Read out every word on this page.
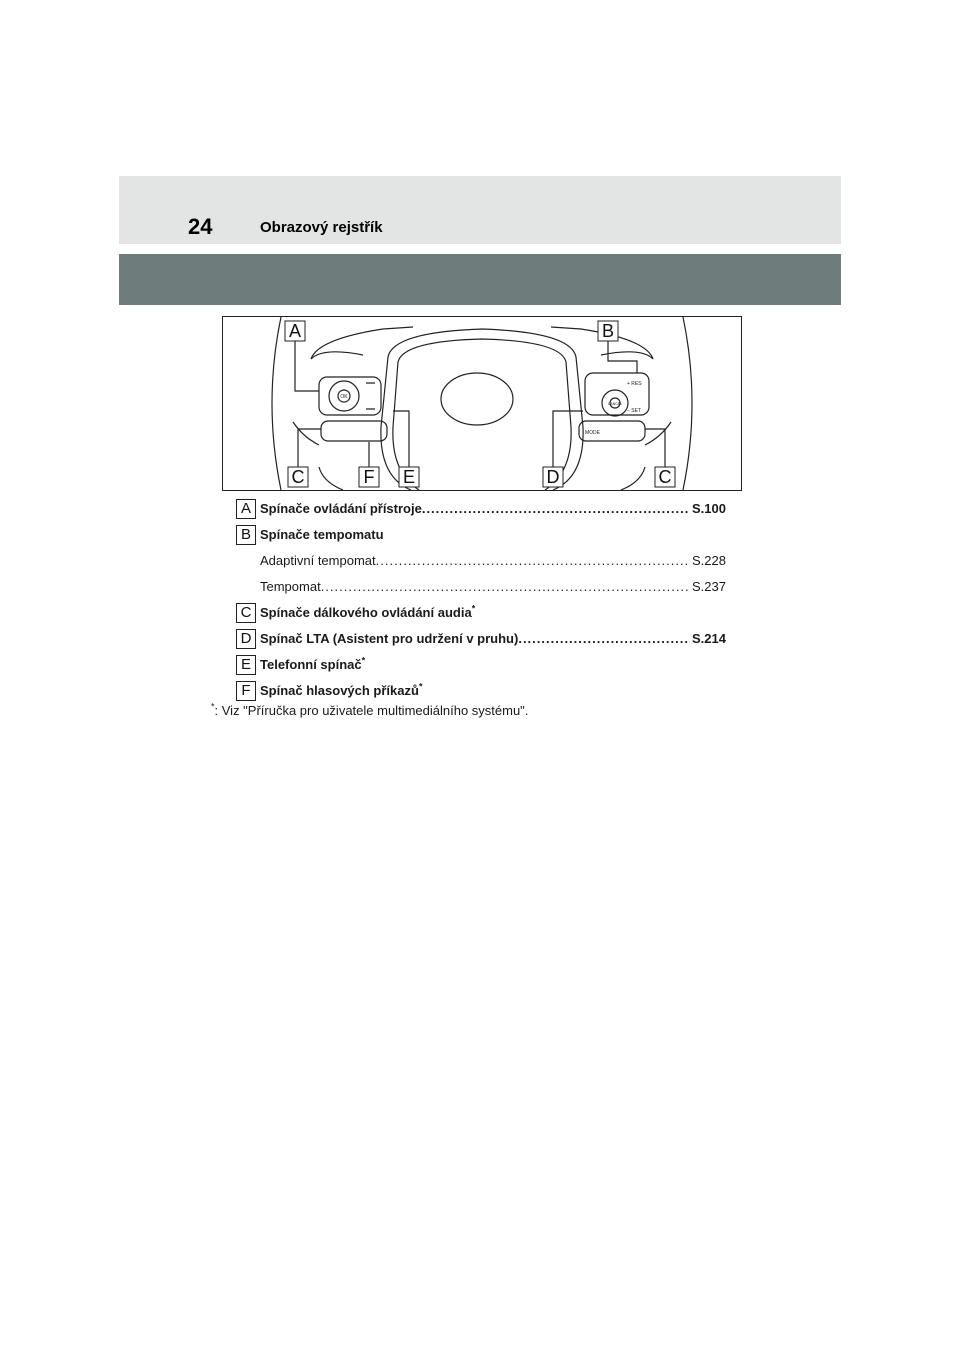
24	Obrazový rejstřík
A	B
C	F E	D	C
OK
+ RES
− SET
MODE
CANCEL
A Spínače ovládání přístroje .....	S.100
B Spínače tempomatu
Adaptivní tempomat .....	S.228
Tempomat .....	S.237
C Spínače dálkového ovládání audia*
D Spínač LTA (Asistent pro udržení v pruhu) .....	S.214
E Telefonní spínač*
F Spínač hlasových příkazů*
*: Viz "Příručka pro uživatele multimediálního systému".
